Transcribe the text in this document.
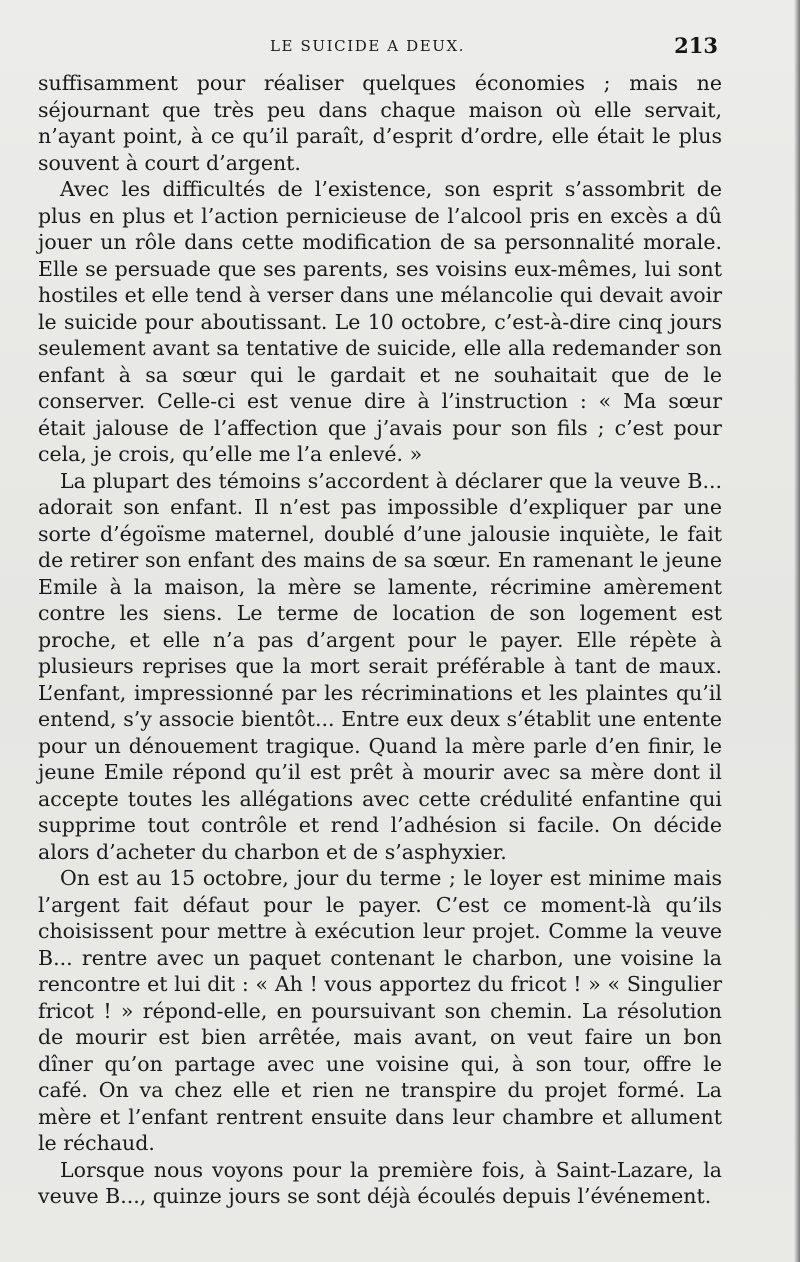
LE SUICIDE A DEUX.	213

suffisamment pour réaliser quelques économies ; mais ne séjournant que très peu dans chaque maison où elle servait, n’ayant point, à ce qu’il paraît, d’esprit d’ordre, elle était le plus souvent à court d’argent.

Avec les difficultés de l’existence, son esprit s’assombrit de plus en plus et l’action pernicieuse de l’alcool pris en excès a dû jouer un rôle dans cette modification de sa personnalité morale. Elle se persuade que ses parents, ses voisins eux-mêmes, lui sont hostiles et elle tend à verser dans une mélancolie qui devait avoir le suicide pour aboutissant. Le 10 octobre, c’est-à-dire cinq jours seulement avant sa tentative de suicide, elle alla redemander son enfant à sa sœur qui le gardait et ne souhaitait que de le conserver. Celle-ci est venue dire à l’instruction : « Ma sœur était jalouse de l’affection que j’avais pour son fils ; c’est pour cela, je crois, qu’elle me l’a enlevé. »

La plupart des témoins s’accordent à déclarer que la veuve B... adorait son enfant. Il n’est pas impossible d’expliquer par une sorte d’égoïsme maternel, doublé d’une jalousie inquiète, le fait de retirer son enfant des mains de sa sœur. En ramenant le jeune Emile à la maison, la mère se lamente, récrimine amèrement contre les siens. Le terme de location de son logement est proche, et elle n’a pas d’argent pour le payer. Elle répète à plusieurs reprises que la mort serait préférable à tant de maux. L’enfant, impressionné par les récriminations et les plaintes qu’il entend, s’y associe bientôt... Entre eux deux s’établit une entente pour un dénouement tragique. Quand la mère parle d’en finir, le jeune Emile répond qu’il est prêt à mourir avec sa mère dont il accepte toutes les allégations avec cette crédulité enfantine qui supprime tout contrôle et rend l’adhésion si facile. On décide alors d’acheter du charbon et de s’asphyxier.

On est au 15 octobre, jour du terme ; le loyer est minime mais l’argent fait défaut pour le payer. C’est ce moment-là qu’ils choisissent pour mettre à exécution leur projet. Comme la veuve B... rentre avec un paquet contenant le charbon, une voisine la rencontre et lui dit : « Ah ! vous apportez du fricot ! » « Singulier fricot ! » répond-elle, en poursuivant son chemin. La résolution de mourir est bien arrêtée, mais avant, on veut faire un bon dîner qu’on partage avec une voisine qui, à son tour, offre le café. On va chez elle et rien ne transpire du projet formé. La mère et l’enfant rentrent ensuite dans leur chambre et allument le réchaud.

Lorsque nous voyons pour la première fois, à Saint-Lazare, la veuve B..., quinze jours se sont déjà écoulés depuis l’événement.
